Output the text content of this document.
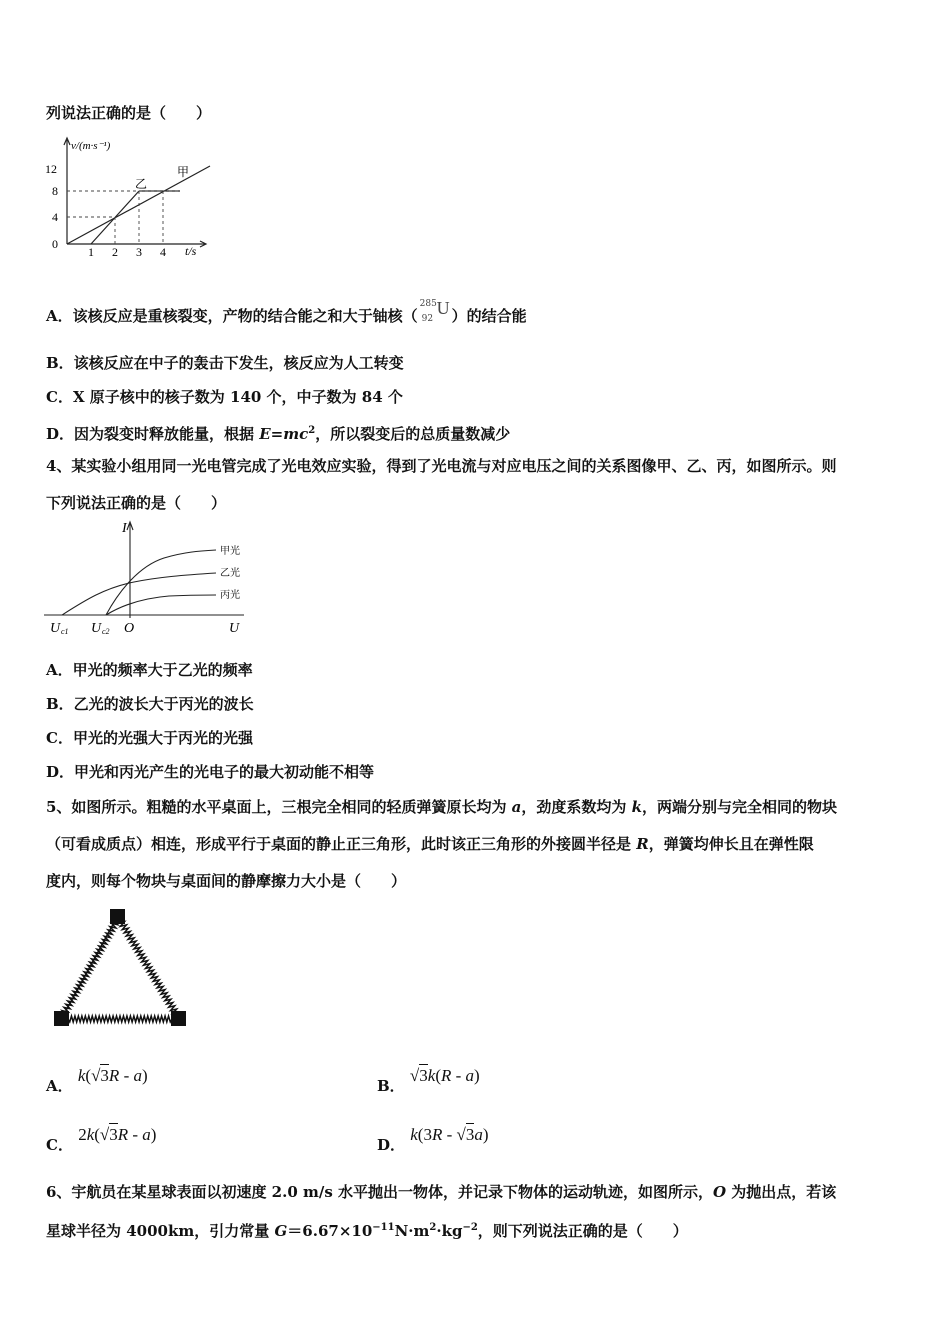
列说法正确的是（　　）
v/(m·s⁻¹)
t/s
12
8
4
0
1 2 3 4
甲
乙
A．该核反应是重核裂变，产物的结合能之和大于铀核（
285
92
U ）的结合能
B．该核反应在中子的轰击下发生，核反应为人工转变
C．X 原子核中的核子数为 140 个，中子数为 84 个
D．因为裂变时释放能量，根据 $E=mc^2$，所以裂变后的总质量数减少
4、某实验小组用同一光电管完成了光电效应实验，得到了光电流与对应电压之间的关系图像甲、乙、丙，如图所示。则
下列说法正确的是（　　）
I
U
O
U c1 U c2
甲光
乙光
丙光
A．甲光的频率大于乙光的频率
B．乙光的波长大于丙光的波长
C．甲光的光强大于丙光的光强
D．甲光和丙光产生的光电子的最大初动能不相等
5、如图所示。粗糙的水平桌面上，三根完全相同的轻质弹簧原长均为 a，劲度系数均为 k，两端分别与完全相同的物块
（可看成质点）相连，形成平行于桌面的静止正三角形，此时该正三角形的外接圆半径是 R，弹簧均伸长且在弹性限
度内，则每个物块与桌面间的静摩擦力大小是（　　）
A． k(√3R - a)
B． √3k(R - a)
C． 2k(√3R - a)
D． k(3R - √3a)
6、宇航员在某星球表面以初速度 2.0 m/s 水平抛出一物体，并记录下物体的运动轨迹，如图所示，O 为抛出点，若该
星球半径为 4000km，引力常量 $G=6.67\times 10^{-11}N\cdot m^2\cdot kg^{-2}$，则下列说法正确的是（　　）
